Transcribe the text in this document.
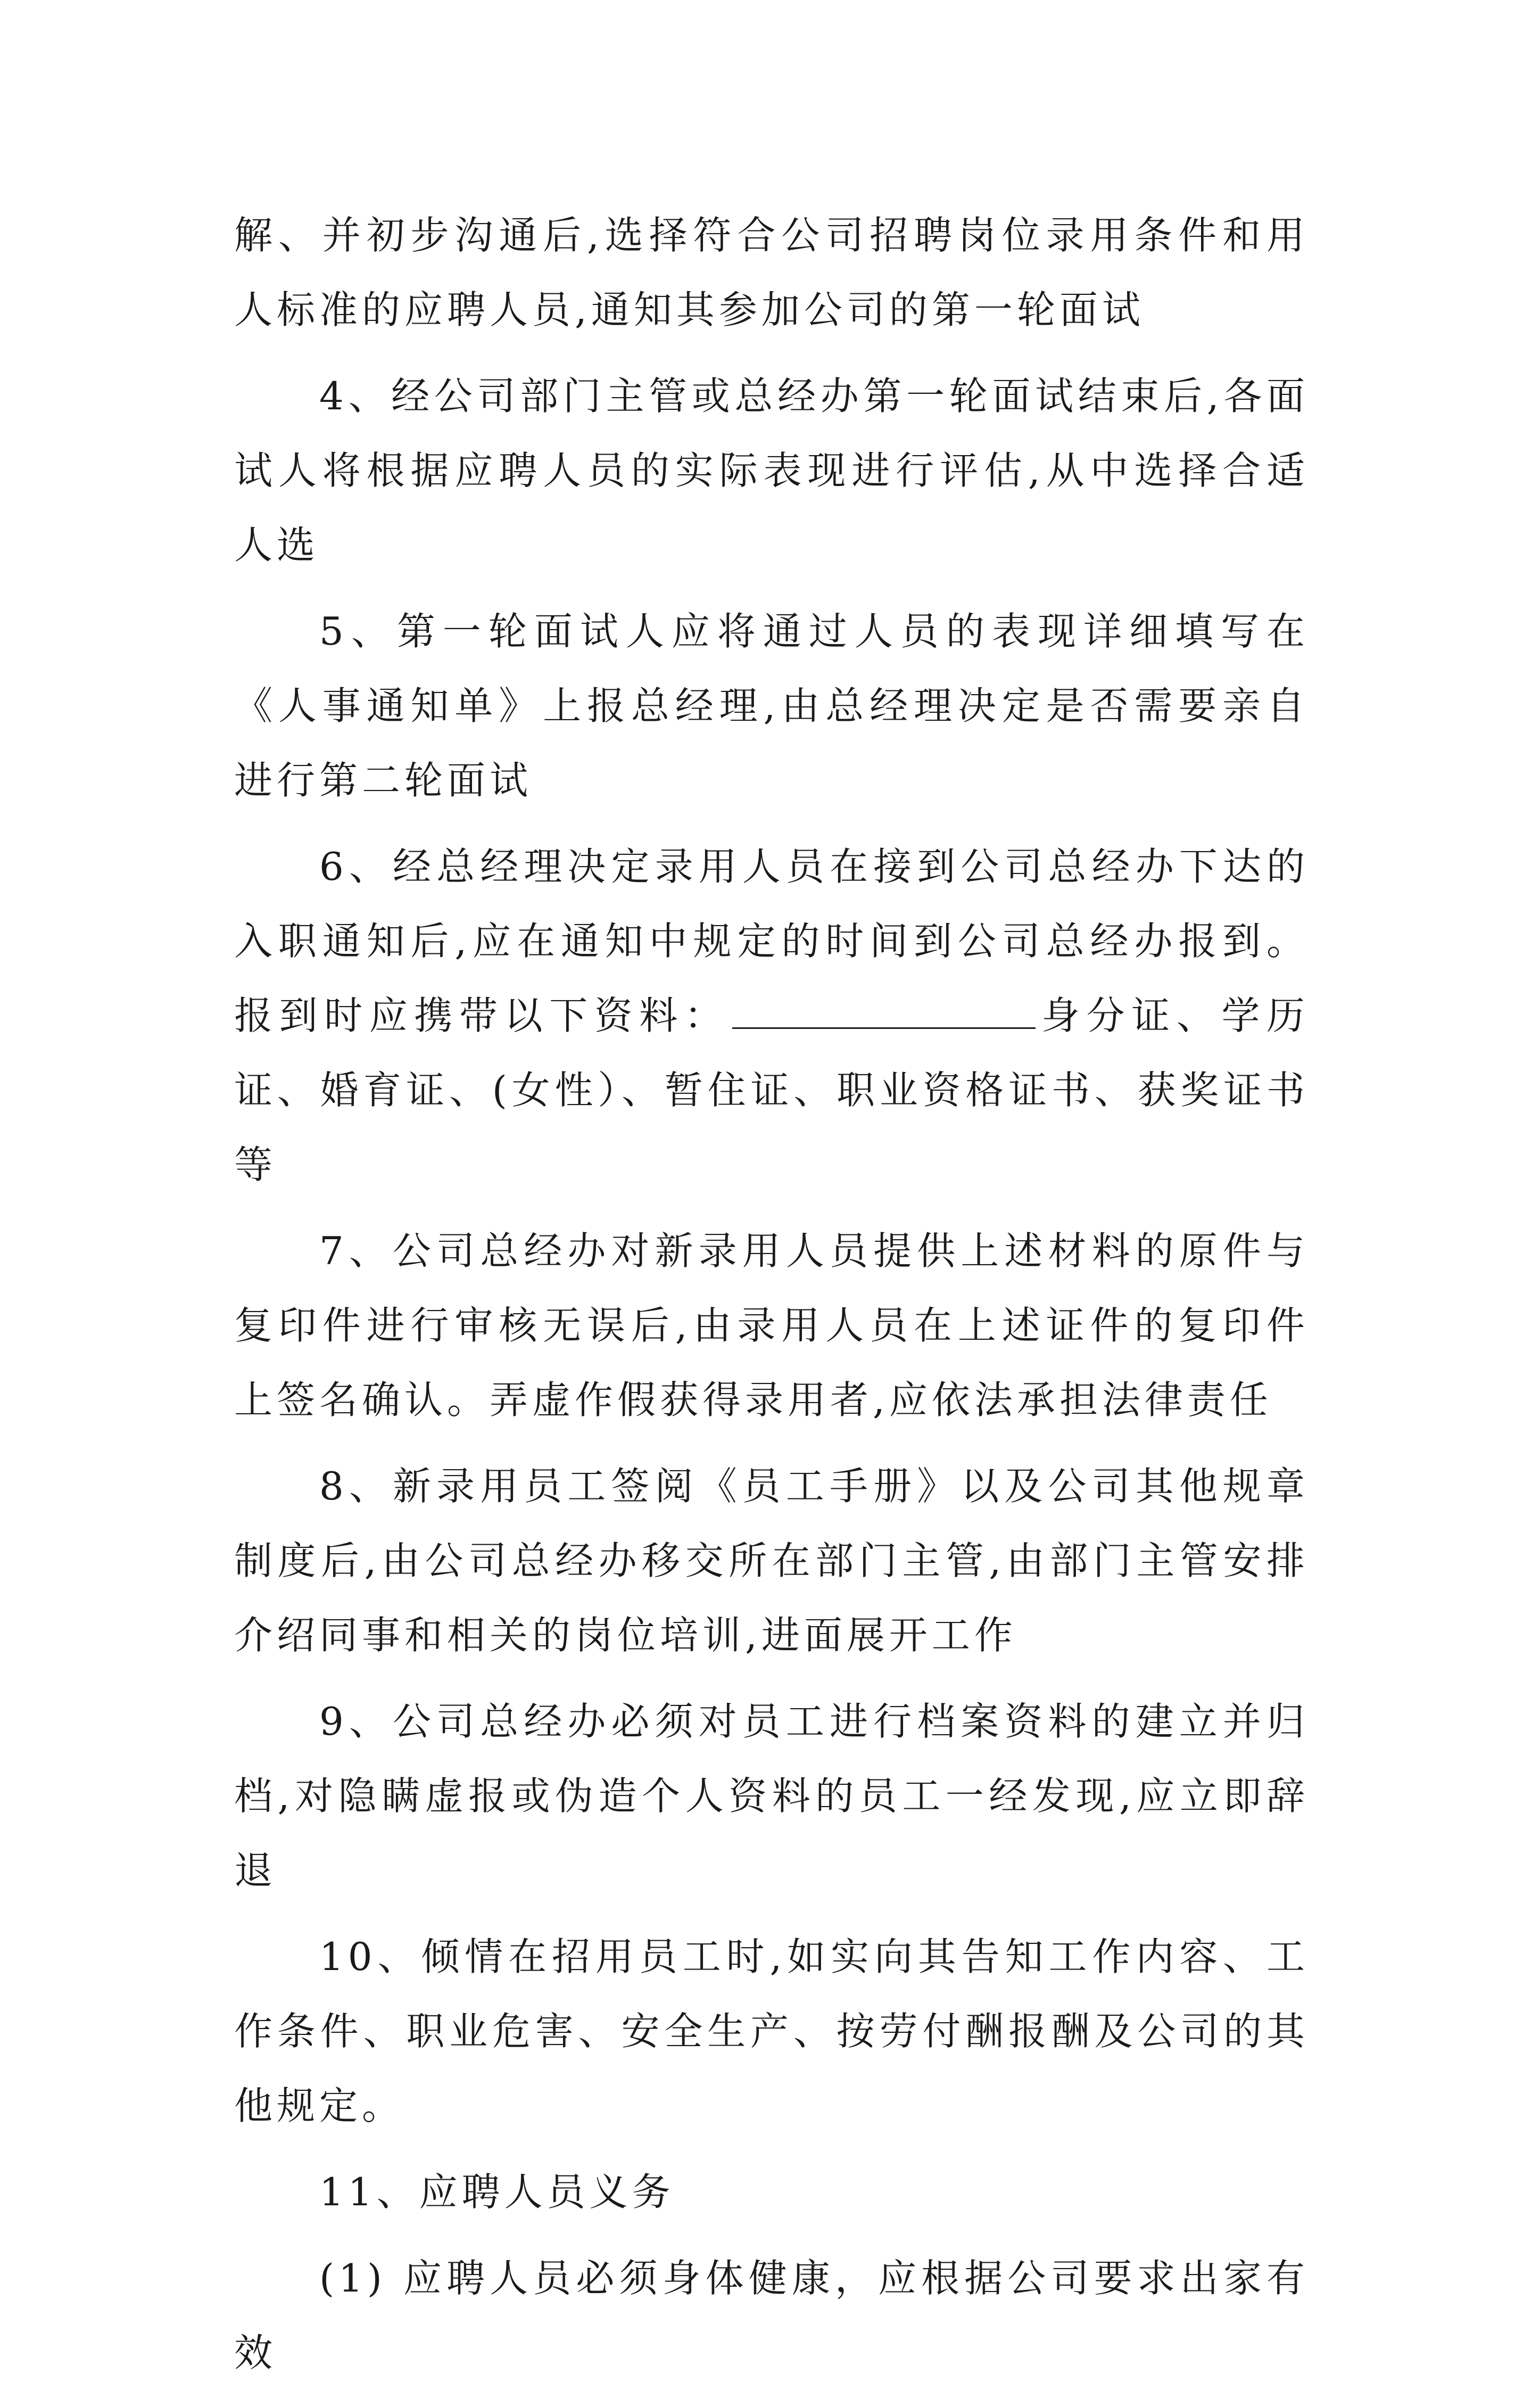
解、并初步沟通后,选择符合公司招聘岗位录用条件和用人标准的应聘人员,通知其参加公司的第一轮面试

4、经公司部门主管或总经办第一轮面试结束后,各面试人将根据应聘人员的实际表现进行评估,从中选择合适人选

5、第一轮面试人应将通过人员的表现详细填写在《人事通知单》上报总经理,由总经理决定是否需要亲自进行第二轮面试

6、经总经理决定录用人员在接到公司总经办下达的入职通知后,应在通知中规定的时间到公司总经办报到。报到时应携带以下资料：	身分证、学历证、婚育证、(女性）、暂住证、职业资格证书、获奖证书等

7、公司总经办对新录用人员提供上述材料的原件与复印件进行审核无误后,由录用人员在上述证件的复印件上签名确认。弄虚作假获得录用者,应依法承担法律责任

8、新录用员工签阅《员工手册》以及公司其他规章制度后,由公司总经办移交所在部门主管,由部门主管安排介绍同事和相关的岗位培训,进面展开工作

9、公司总经办必须对员工进行档案资料的建立并归档,对隐瞒虚报或伪造个人资料的员工一经发现,应立即辞退

10、倾情在招用员工时,如实向其告知工作内容、工作条件、职业危害、安全生产、按劳付酬报酬及公司的其他规定。

11、应聘人员义务

(1) 应聘人员必须身体健康，应根据公司要求出家有效
